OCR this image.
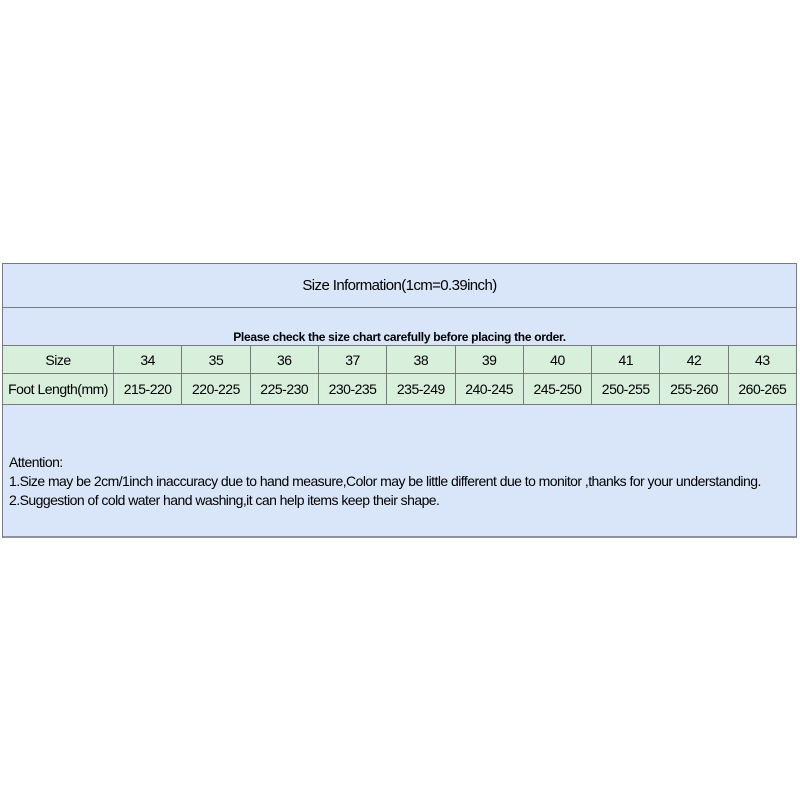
Size Information(1cm=0.39inch)
Please check the size chart carefully before placing the order.
Size	34	35	36	37	38	39	40	41	42	43
Foot Length(mm)	215-220	220-225	225-230	230-235	235-249	240-245	245-250	250-255	255-260	260-265
Attention:
1.Size may be 2cm/1inch inaccuracy due to hand measure,Color may be little different due to monitor ,thanks for your understanding.
2.Suggestion of cold water hand washing,it can help items keep their shape.
